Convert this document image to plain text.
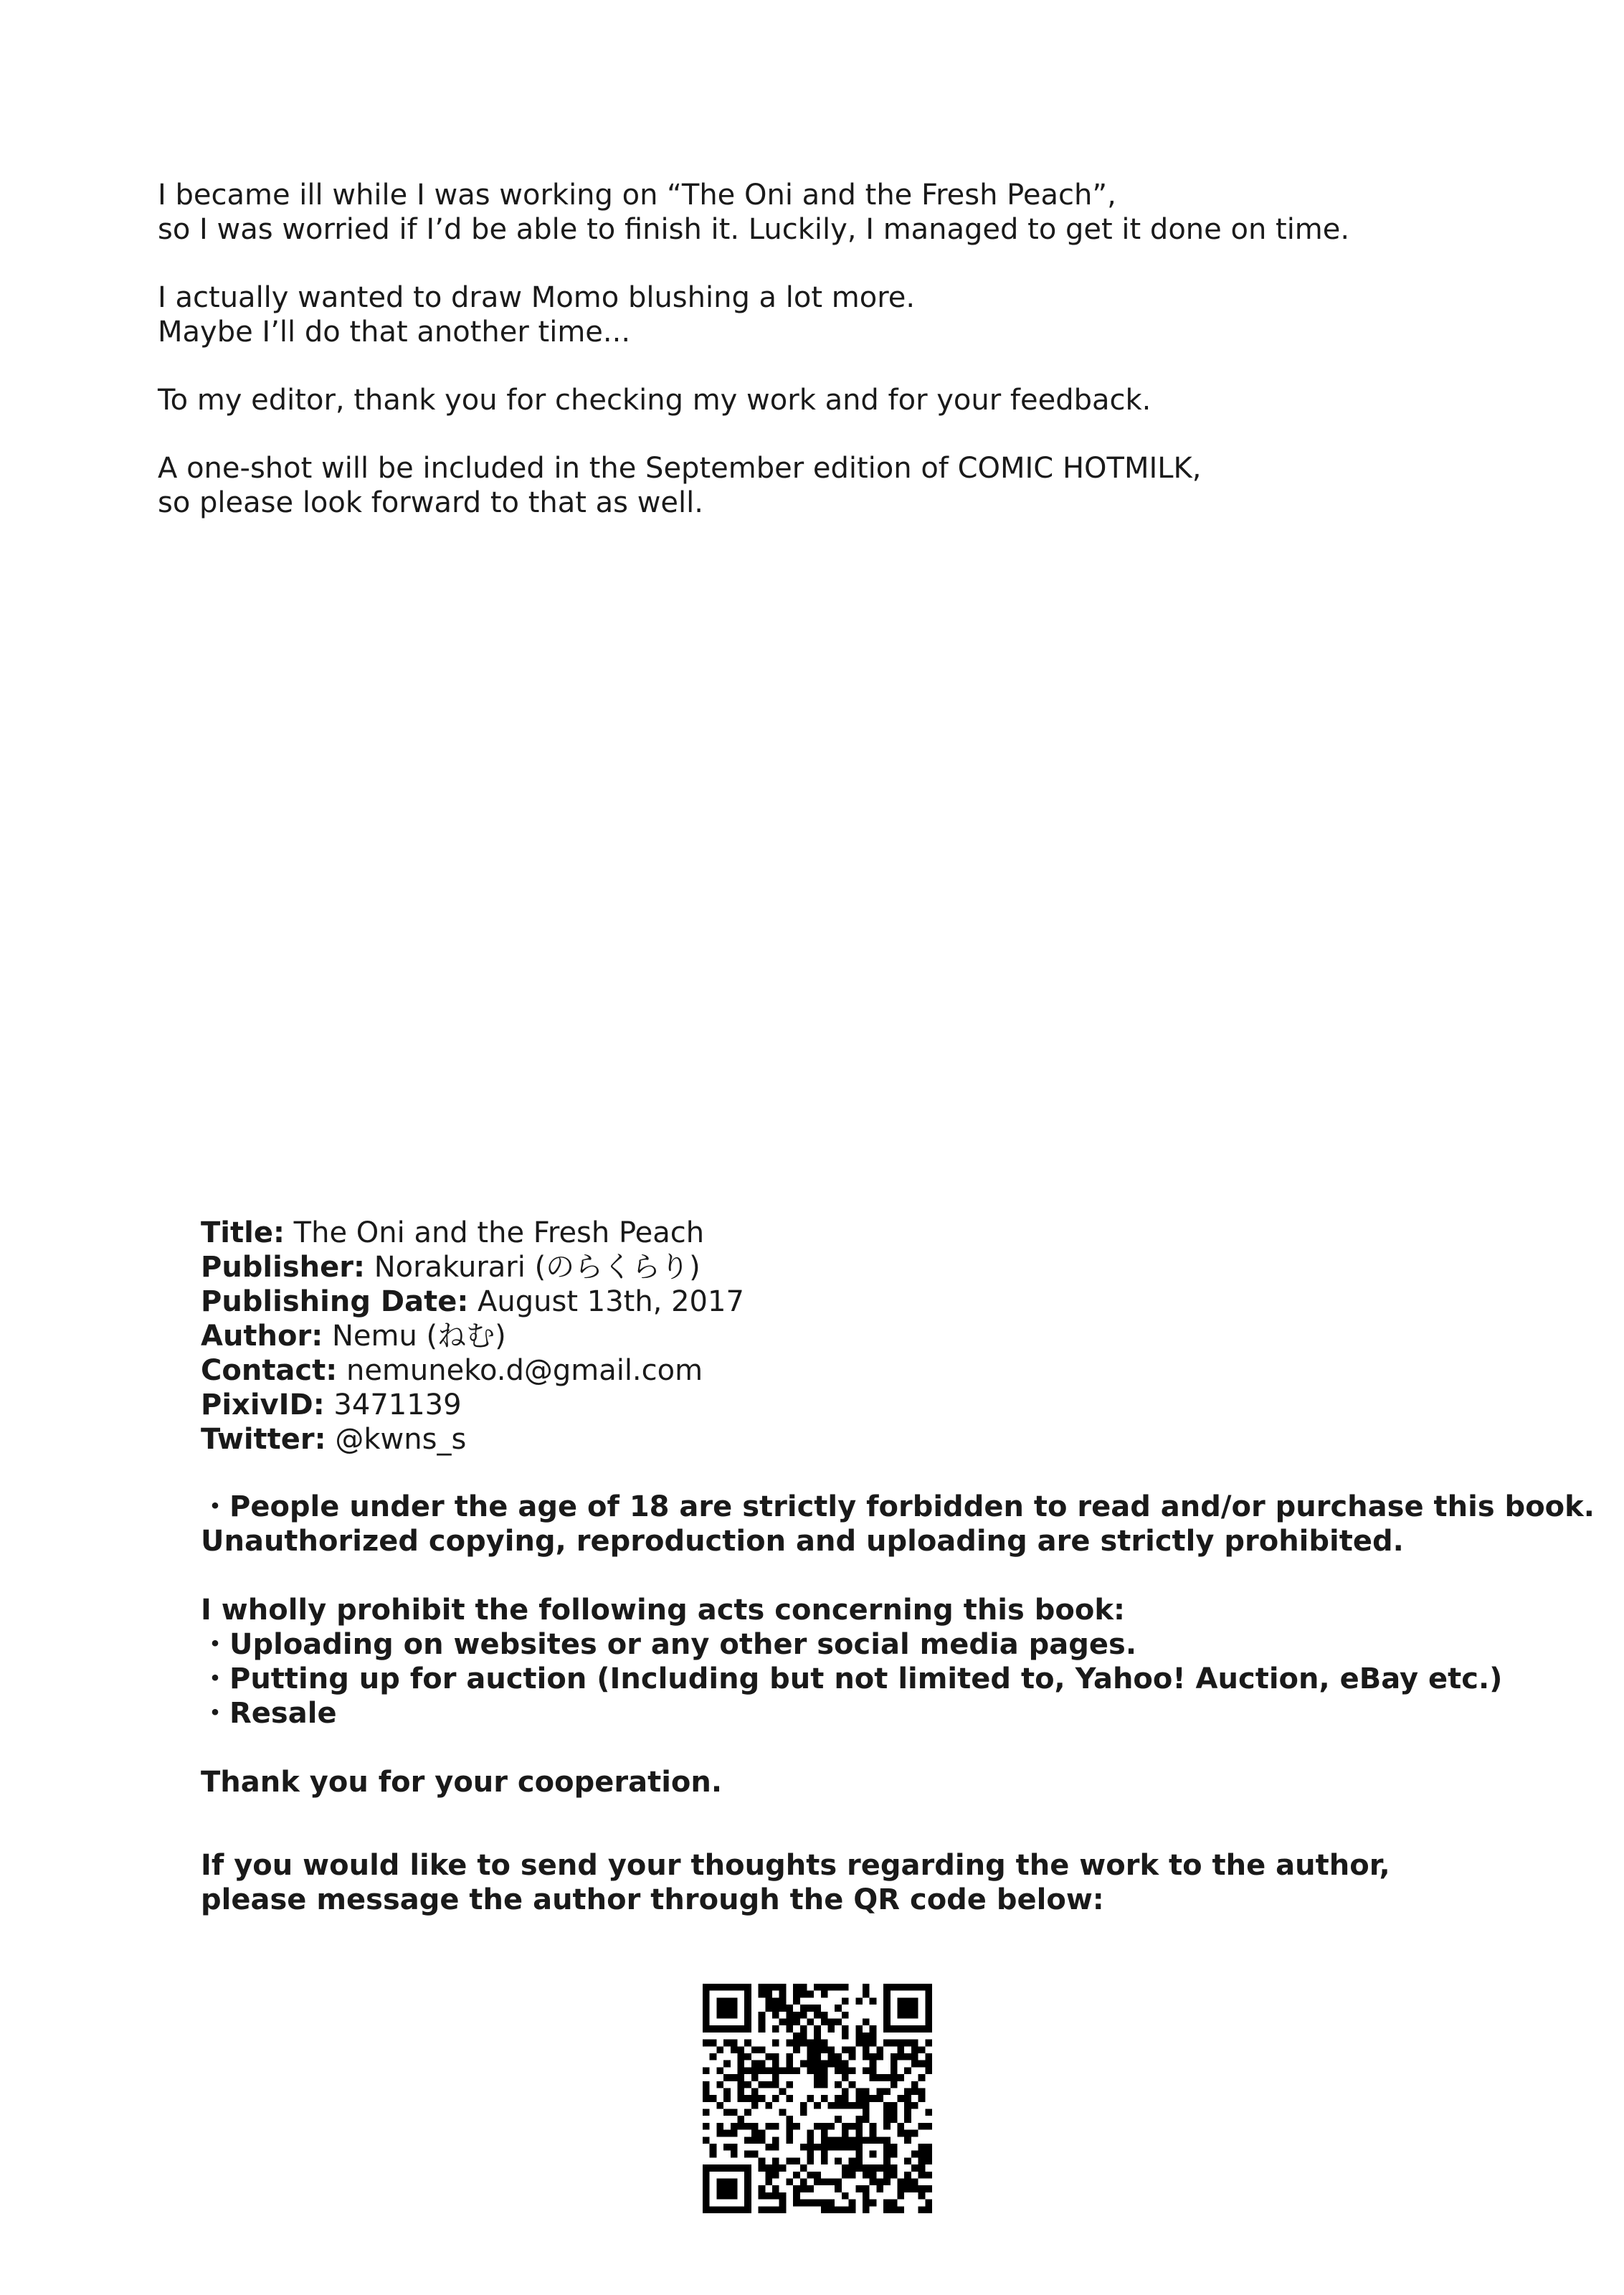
I became ill while I was working on “The Oni and the Fresh Peach”,
so I was worried if I’d be able to finish it. Luckily, I managed to get it done on time.

I actually wanted to draw Momo blushing a lot more.
Maybe I’ll do that another time...

To my editor, thank you for checking my work and for your feedback.

A one-shot will be included in the September edition of COMIC HOTMILK,
so please look forward to that as well.

Title: The Oni and the Fresh Peach
Publisher: Norakurari (のらくらり)
Publishing Date: August 13th, 2017
Author: Nemu (ねむ)
Contact: nemuneko.d@gmail.com
PixivID: 3471139
Twitter: @kwns_s
・People under the age of 18 are strictly forbidden to read and/or purchase this book.
Unauthorized copying, reproduction and uploading are strictly prohibited.
I wholly prohibit the following acts concerning this book:
・Uploading on websites or any other social media pages.
・Putting up for auction (Including but not limited to, Yahoo! Auction, eBay etc.)
・Resale
Thank you for your cooperation.
If you would like to send your thoughts regarding the work to the author,
please message the author through the QR code below:
